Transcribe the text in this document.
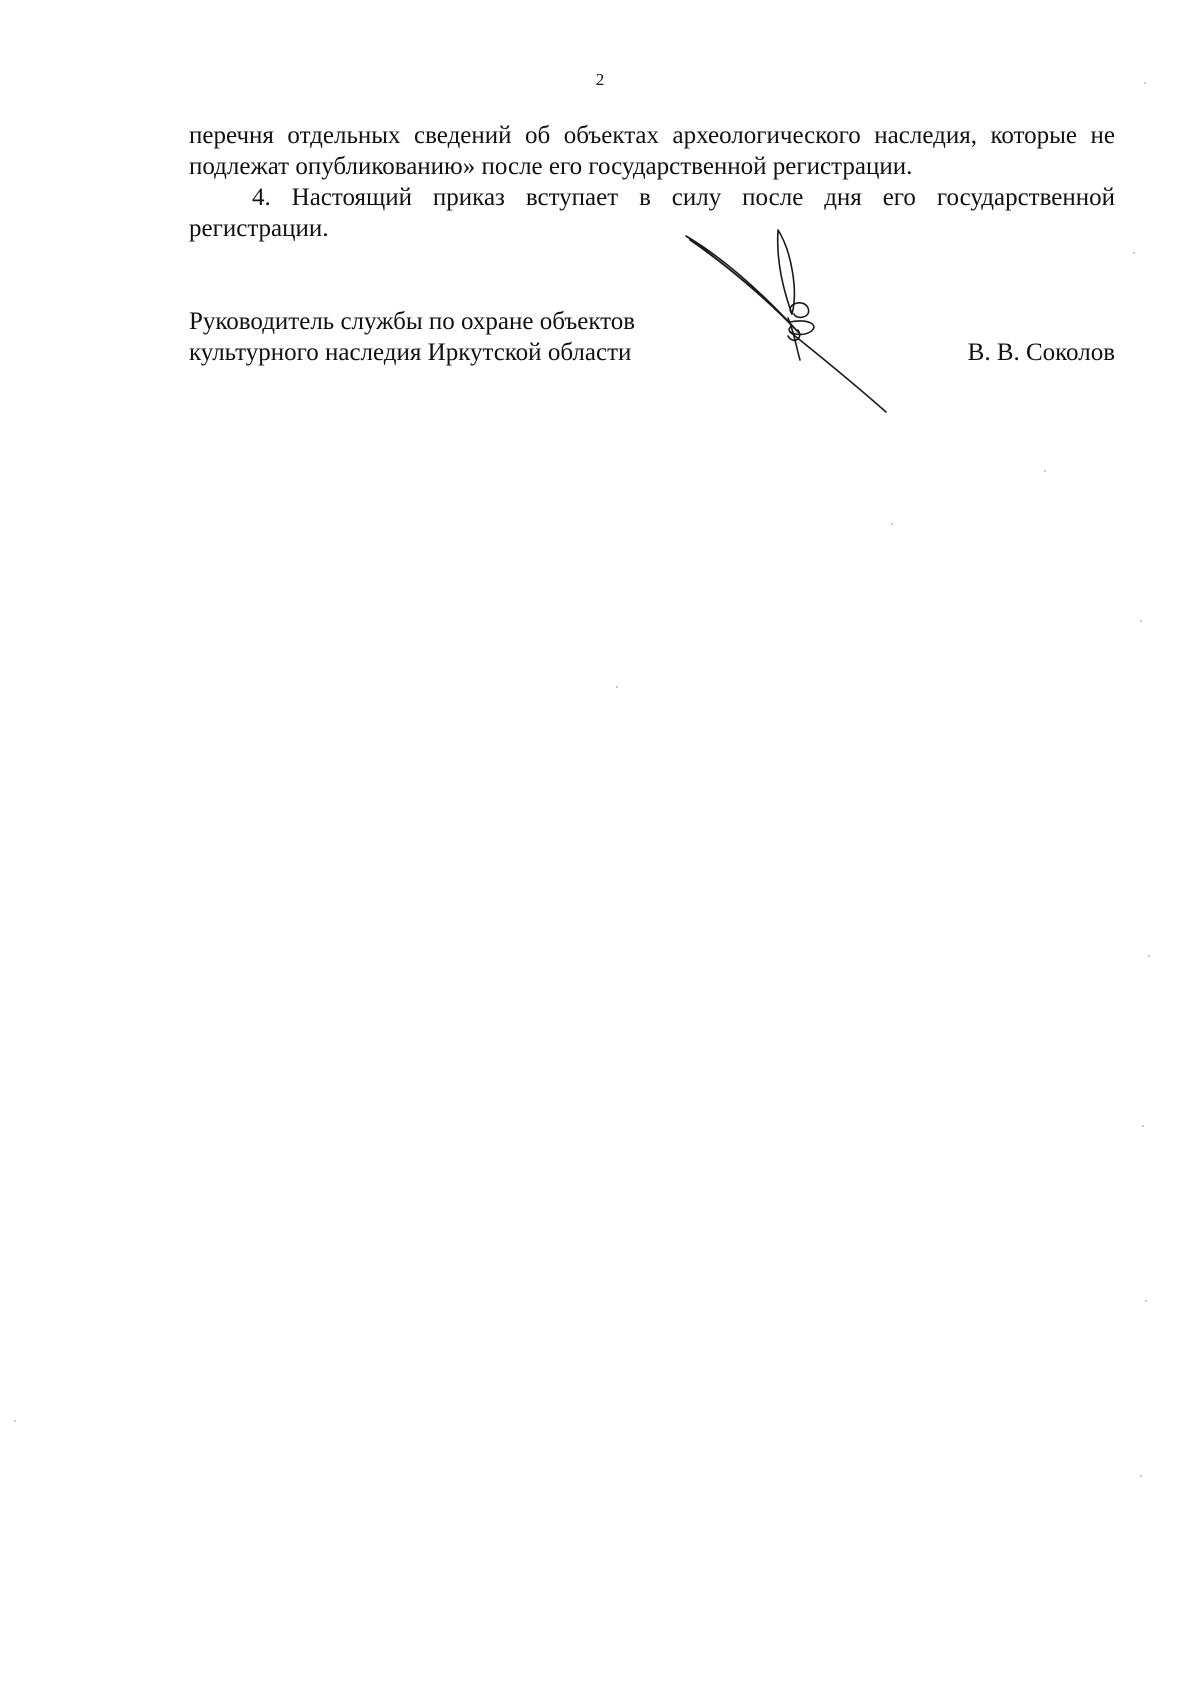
2

перечня отдельных сведений об объектах археологического наследия, которые не подлежат опубликованию» после его государственной регистрации.

4. Настоящий приказ вступает в силу после дня его государственной регистрации.

Руководитель службы по охране объектов
культурного наследия Иркутской области	В. В. Соколов
